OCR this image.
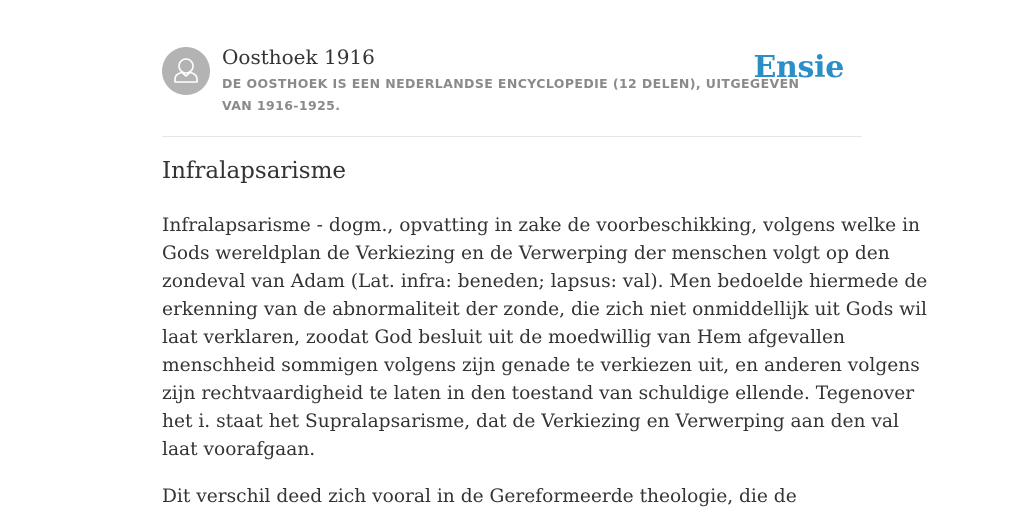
Oosthoek 1916
DE OOSTHOEK IS EEN NEDERLANDSE ENCYCLOPEDIE (12 DELEN), UITGEGEVEN
VAN 1916-1925.
Ensie
Infralapsarisme

Infralapsarisme - dogm., opvatting in zake de voorbeschikking, volgens welke in
Gods wereldplan de Verkiezing en de Verwerping der menschen volgt op den
zondeval van Adam (Lat. infra: beneden; lapsus: val). Men bedoelde hiermede de
erkenning van de abnormaliteit der zonde, die zich niet onmiddellijk uit Gods wil
laat verklaren, zoodat God besluit uit de moedwillig van Hem afgevallen
menschheid sommigen volgens zijn genade te verkiezen uit, en anderen volgens
zijn rechtvaardigheid te laten in den toestand van schuldige ellende. Tegenover
het i. staat het Supralapsarisme, dat de Verkiezing en Verwerping aan den val
laat voorafgaan.

Dit verschil deed zich vooral in de Gereformeerde theologie, die de
